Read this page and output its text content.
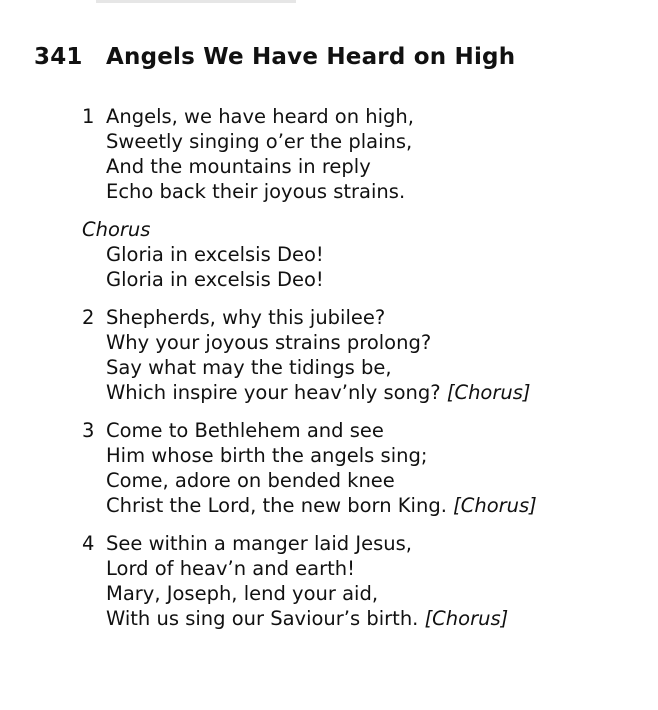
341 Angels We Have Heard on High
1 Angels, we have heard on high,
Sweetly singing o’er the plains,
And the mountains in reply
Echo back their joyous strains.
Chorus
Gloria in excelsis Deo!
Gloria in excelsis Deo!
2 Shepherds, why this jubilee?
Why your joyous strains prolong?
Say what may the tidings be,
Which inspire your heav’nly song? [Chorus]
3 Come to Bethlehem and see
Him whose birth the angels sing;
Come, adore on bended knee
Christ the Lord, the new born King. [Chorus]
4 See within a manger laid Jesus,
Lord of heav’n and earth!
Mary, Joseph, lend your aid,
With us sing our Saviour’s birth. [Chorus]
